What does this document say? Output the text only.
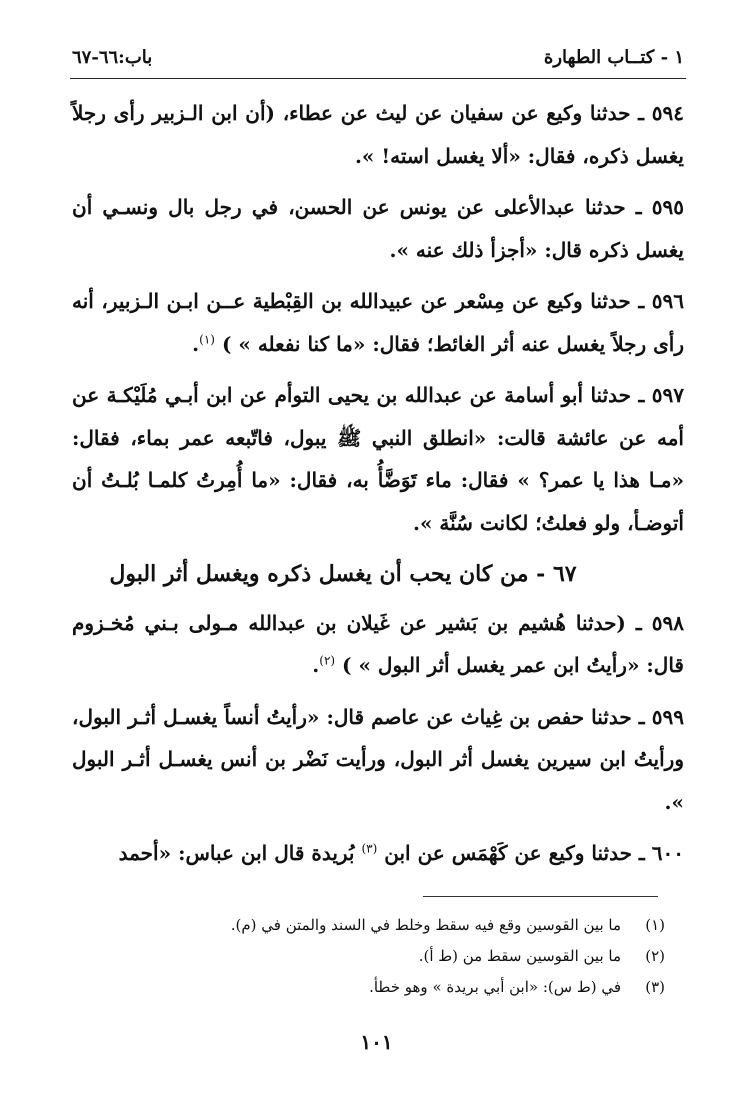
١ - كتــاب الطهارة
باب:٦٦-٦٧

٥٩٤ ـ حدثنا وكيع عن سفيان عن ليث عن عطاء، (أن ابن الـزبير رأى رجلاً يغسل ذكره، فقال: «ألا يغسل استه! ».

٥٩٥ ـ حدثنا عبدالأعلى عن يونس عن الحسن، في رجل بال ونسـي أن يغسل ذكره قال: «أجزأ ذلك عنه ».

٥٩٦ ـ حدثنا وكيع عن مِسْعر عن عبيدالله بن القِبْطية عــن ابـن الـزبير، أنه رأى رجلاً يغسل عنه أثر الغائط؛ فقال: «ما كنا نفعله » ) $^{(١)}$.

٥٩٧ ـ حدثنا أبو أسامة عن عبدالله بن يحيى التوأم عن ابن أبـي مُلَيْكـة عن أمه عن عائشة قالت: «انطلق النبي ﷺ يبول، فاتّبعه عمر بماء، فقال: «مـا هذا يا عمر؟ » فقال: ماء تَوَضَّأُ به، فقال: «ما أُمِرتُ كلمـا بُلـتُ أن أتوضـأ، ولو فعلتُ؛ لكانت سُنَّة ».

٦٧ - من كان يحب أن يغسل ذكره ويغسل أثر البول

٥٩٨ ـ (حدثنا هُشيم بن بَشير عن غَيلان بن عبدالله مـولى بـني مُخـزوم قال: «رأيتُ ابن عمر يغسل أثر البول » ) $^{(٢)}$.

٥٩٩ ـ حدثنا حفص بن غِياث عن عاصم قال: «رأيتُ أنساً يغسـل أثـر البول، ورأيتُ ابن سيرين يغسل أثر البول، ورأيت نَضْر بن أنس يغسـل أثـر البول ».

٦٠٠ ـ حدثنا وكيع عن كَهْمَس عن ابن $^{(٣)}$ بُريدة قال ابن عباس: «أحمد

(١)
ما بين القوسين وقع فيه سقط وخلط في السند والمتن في (م).
(٢)
ما بين القوسين سقط من (ط أ).
(٣)
في (ط س): «ابن أبي بريدة » وهو خطأ.
١٠١
